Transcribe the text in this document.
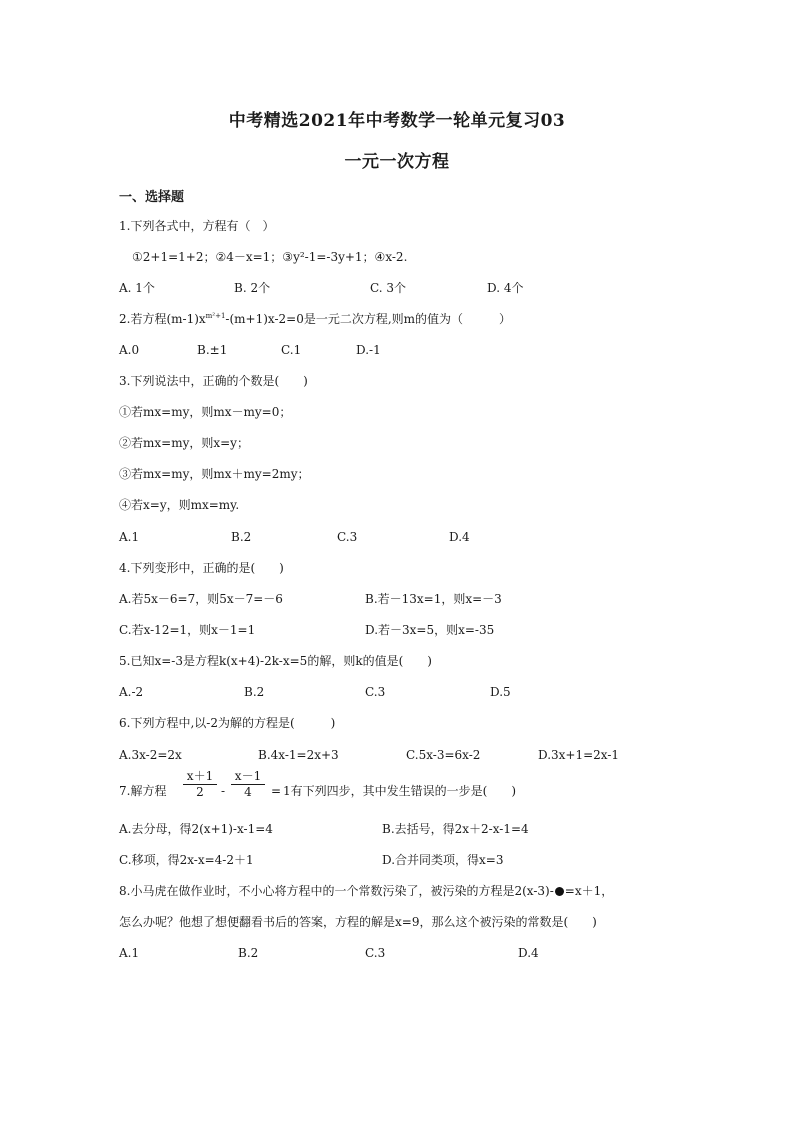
中考精选2021年中考数学一轮单元复习03
一元一次方程
一、选择题
1.下列各式中，方程有（　）
①2+1=1+2；②4－x=1；③y²-1=-3y+1；④x-2.
A. 1个	B. 2个	C. 3个	D. 4个
2.若方程$(m-1)x^{m^2+1}-(m+1)x-2=0$是一元二次方程,则m的值为（　　　）
A.0	B.±1	C.1	D.-1
3.下列说法中，正确的个数是(　　)
①若mx=my，则mx－my=0；
②若mx=my，则x=y；
③若mx=my，则mx＋my=2my；
④若x=y，则mx=my.
A.1	B.2	C.3	D.4
4.下列变形中，正确的是(　　)
A.若5x－6=7，则5x－7=－6	B.若－13x=1，则x=－3
C.若x-12=1，则x－1=1	D.若－3x=5，则x=-35
5.已知x=-3是方程k(x+4)-2k-x=5的解，则k的值是(　　)
A.-2	B.2	C.3	D.5
6.下列方程中,以-2为解的方程是(　　　)
A.3x-2=2x	B.4x-1=2x+3	C.5x-3=6x-2	D.3x+1=2x-1
7.解方程 $\frac{x+1}{2} - \frac{x-1}{4} = 1$有下列四步，其中发生错误的一步是(　　)
A.去分母，得2(x+1)-x-1=4	B.去括号，得2x＋2-x-1=4
C.移项，得2x-x=4-2＋1	D.合并同类项，得x=3
8.小马虎在做作业时，不小心将方程中的一个常数污染了，被污染的方程是2(x-3)- =x＋1，
怎么办呢？他想了想便翻看书后的答案，方程的解是x=9，那么这个被污染的常数是(　　)
A.1	B.2	C.3	D.4
